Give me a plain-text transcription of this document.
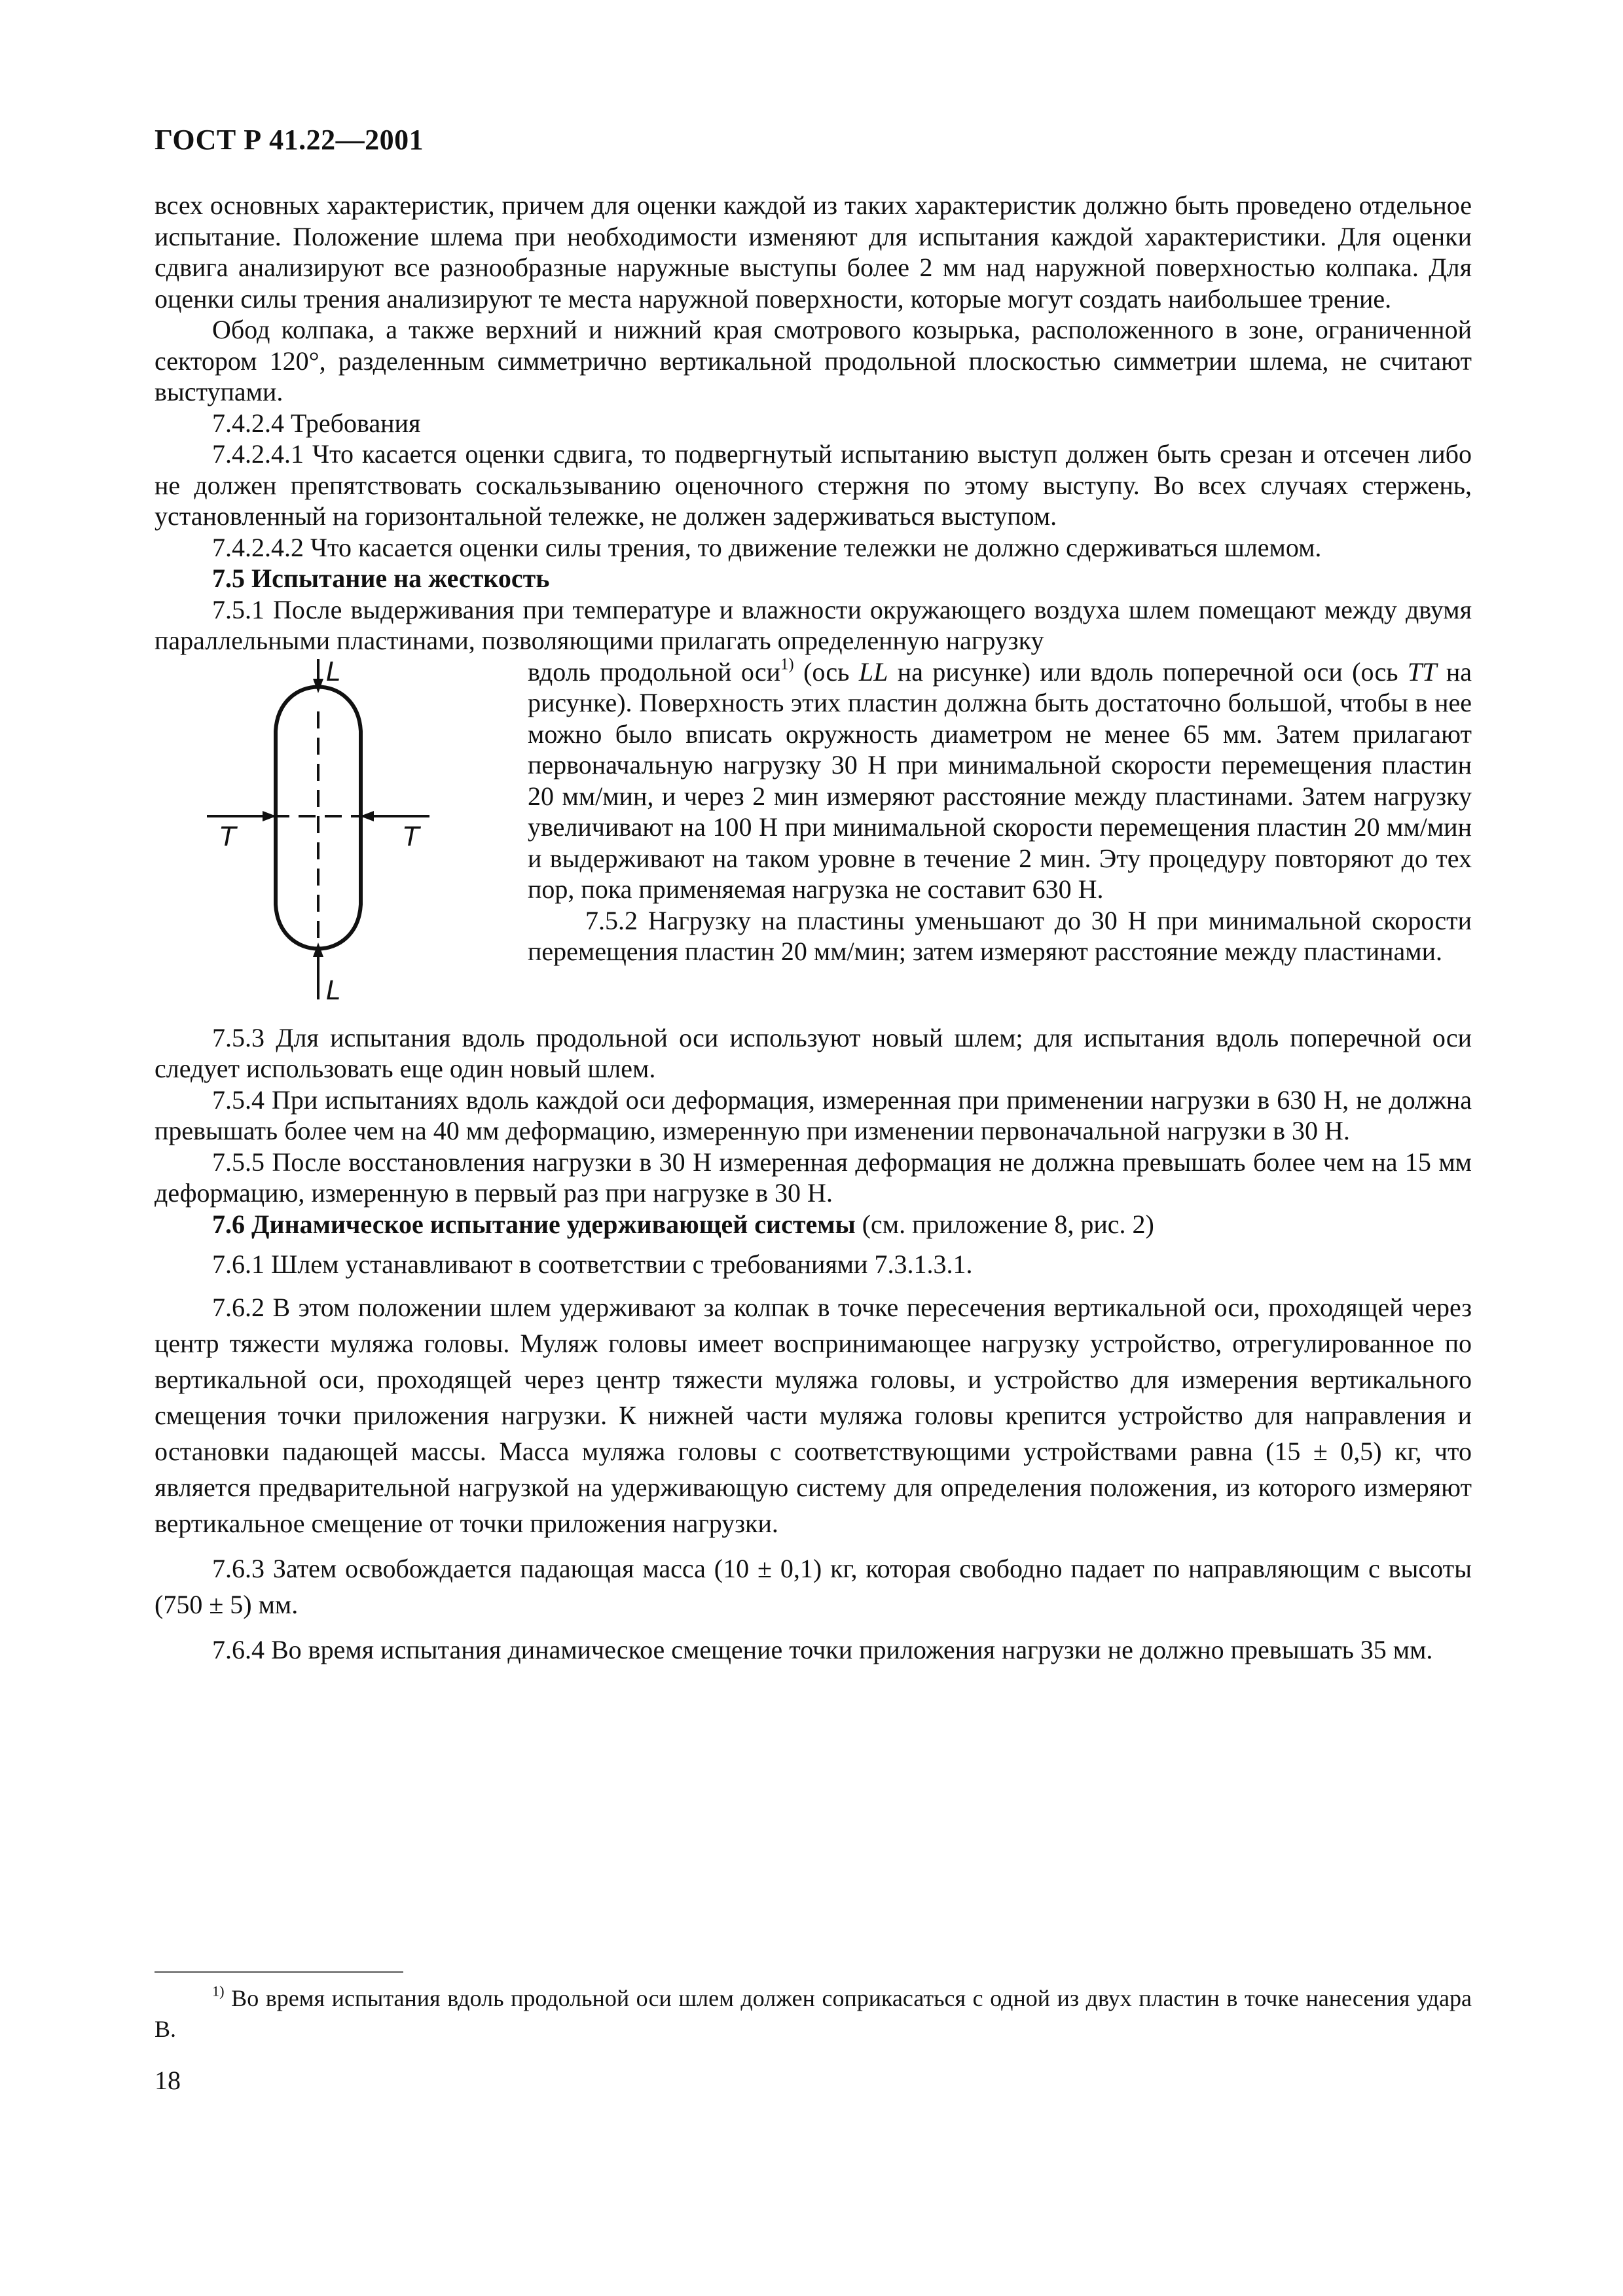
ГОСТ Р 41.22—2001

всех основных характеристик, причем для оценки каждой из таких характеристик должно быть проведено отдельное испытание. Положение шлема при необходимости изменяют для испытания каждой характеристики. Для оценки сдвига анализируют все разнообразные наружные выступы более 2 мм над наружной поверхностью колпака. Для оценки силы трения анализируют те места наружной поверхности, которые могут создать наибольшее трение.

Обод колпака, а также верхний и нижний края смотрового козырька, расположенного в зоне, ограниченной сектором 120°, разделенным симметрично вертикальной продольной плоскостью симметрии шлема, не считают выступами.

7.4.2.4 Требования

7.4.2.4.1 Что касается оценки сдвига, то подвергнутый испытанию выступ должен быть срезан и отсечен либо не должен препятствовать соскальзыванию оценочного стержня по этому выступу. Во всех случаях стержень, установленный на горизонтальной тележке, не должен задерживаться выступом.

7.4.2.4.2 Что касается оценки силы трения, то движение тележки не должно сдерживаться шлемом.

7.5 Испытание на жесткость

7.5.1 После выдерживания при температуре и влажности окружающего воздуха шлем помещают между двумя параллельными пластинами, позволяющими прилагать определенную нагрузку

L
L
T	T

вдоль продольной оси$^{1)}$ (ось LL на рисунке) или вдоль поперечной оси (ось TT на рисунке). Поверхность этих пластин должна быть достаточно большой, чтобы в нее можно было вписать окружность диаметром не менее 65 мм. Затем прилагают первоначальную нагрузку 30 Н при минимальной скорости перемещения пластин 20 мм/мин, и через 2 мин измеряют расстояние между пластинами. Затем нагрузку увеличивают на 100 Н при минимальной скорости перемещения пластин 20 мм/мин и выдерживают на таком уровне в течение 2 мин. Эту процедуру повторяют до тех пор, пока применяемая нагрузка не составит 630 Н.

7.5.2 Нагрузку на пластины уменьшают до 30 Н при минимальной скорости перемещения пластин 20 мм/мин; затем измеряют расстояние между пластинами.

7.5.3 Для испытания вдоль продольной оси используют новый шлем; для испытания вдоль поперечной оси следует использовать еще один новый шлем.

7.5.4 При испытаниях вдоль каждой оси деформация, измеренная при применении нагрузки в 630 Н, не должна превышать более чем на 40 мм деформацию, измеренную при изменении первоначальной нагрузки в 30 Н.

7.5.5 После восстановления нагрузки в 30 Н измеренная деформация не должна превышать более чем на 15 мм деформацию, измеренную в первый раз при нагрузке в 30 Н.

7.6 Динамическое испытание удерживающей системы (см. приложение 8, рис. 2)

7.6.1 Шлем устанавливают в соответствии с требованиями 7.3.1.3.1.

7.6.2 В этом положении шлем удерживают за колпак в точке пересечения вертикальной оси, проходящей через центр тяжести муляжа головы. Муляж головы имеет воспринимающее нагрузку устройство, отрегулированное по вертикальной оси, проходящей через центр тяжести муляжа головы, и устройство для измерения вертикального смещения точки приложения нагрузки. К нижней части муляжа головы крепится устройство для направления и остановки падающей массы. Масса муляжа головы с соответствующими устройствами равна (15 ± 0,5) кг, что является предварительной нагрузкой на удерживающую систему для определения положения, из которого измеряют вертикальное смещение от точки приложения нагрузки.

7.6.3 Затем освобождается падающая масса (10 ± 0,1) кг, которая свободно падает по направляющим с высоты (750 ± 5) мм.

7.6.4 Во время испытания динамическое смещение точки приложения нагрузки не должно превышать 35 мм.

$^{1)}$ Во время испытания вдоль продольной оси шлем должен соприкасаться с одной из двух пластин в точке нанесения удара В.
18
